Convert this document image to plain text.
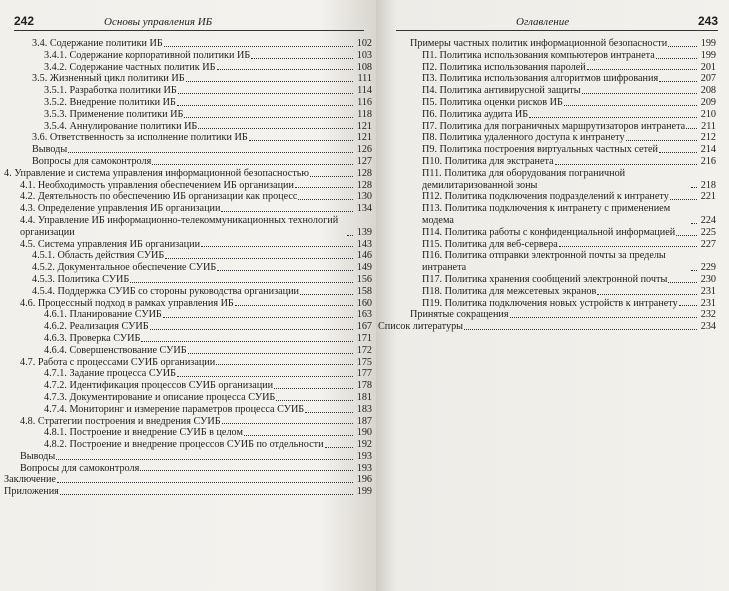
242	Основы управления ИБ
3.4. Содержание политики ИБ	102
3.4.1. Содержание корпоративной политики ИБ	103
3.4.2. Содержание частных политик ИБ	108
3.5. Жизненный цикл политики ИБ	111
3.5.1. Разработка политики ИБ	114
3.5.2. Внедрение политики ИБ	116
3.5.3. Применение политики ИБ	118
3.5.4. Аннулирование политики ИБ	121
3.6. Ответственность за исполнение политики ИБ	121
Выводы	126
Вопросы для самоконтроля	127
4. Управление и система управления информационной безопасностью	128
4.1. Необходимость управления обеспечением ИБ организации	128
4.2. Деятельность по обеспечению ИБ организации как процесс	130
4.3. Определение управления ИБ организации	134
4.4. Управление ИБ информационно-телекоммуникационных технологий организации	139
4.5. Система управления ИБ организации	143
4.5.1. Область действия СУИБ	146
4.5.2. Документальное обеспечение СУИБ	149
4.5.3. Политика СУИБ	156
4.5.4. Поддержка СУИБ со стороны руководства организации	158
4.6. Процессный подход в рамках управления ИБ	160
4.6.1. Планирование СУИБ	163
4.6.2. Реализация СУИБ	167
4.6.3. Проверка СУИБ	171
4.6.4. Совершенствование СУИБ	172
4.7. Работа с процессами СУИБ организации	175
4.7.1. Задание процесса СУИБ	177
4.7.2. Идентификация процессов СУИБ организации	178
4.7.3. Документирование и описание процесса СУИБ	181
4.7.4. Мониторинг и измерение параметров процесса СУИБ	183
4.8. Стратегии построения и внедрения СУИБ	187
4.8.1. Построение и внедрение СУИБ в целом	190
4.8.2. Построение и внедрение процессов СУИБ по отдельности	192
Выводы	193
Вопросы для самоконтроля	193
Заключение	196
Приложения	199
Оглавление	243
Примеры частных политик информационной безопасности	199
П1. Политика использования компьютеров интранета	199
П2. Политика использования паролей	201
П3. Политика использования алгоритмов шифрования	207
П4. Политика антивирусной защиты	208
П5. Политика оценки рисков ИБ	209
П6. Политика аудита ИБ	210
П7. Политика для пограничных маршрутизаторов интранета	211
П8. Политика удаленного доступа к интранету	212
П9. Политика построения виртуальных частных сетей	214
П10. Политика для экстранета	216
П11. Политика для оборудования пограничной демилитаризованной зоны	218
П12. Политика подключения подразделений к интранету	221
П13. Политика подключения к интранету с применением модема	224
П14. Политика работы с конфиденциальной информацией	225
П15. Политика для веб-сервера	227
П16. Политика отправки электронной почты за пределы интранета	229
П17. Политика хранения сообщений электронной почты	230
П18. Политика для межсетевых экранов	231
П19. Политика подключения новых устройств к интранету 231
Принятые сокращения	232
Список литературы	234
